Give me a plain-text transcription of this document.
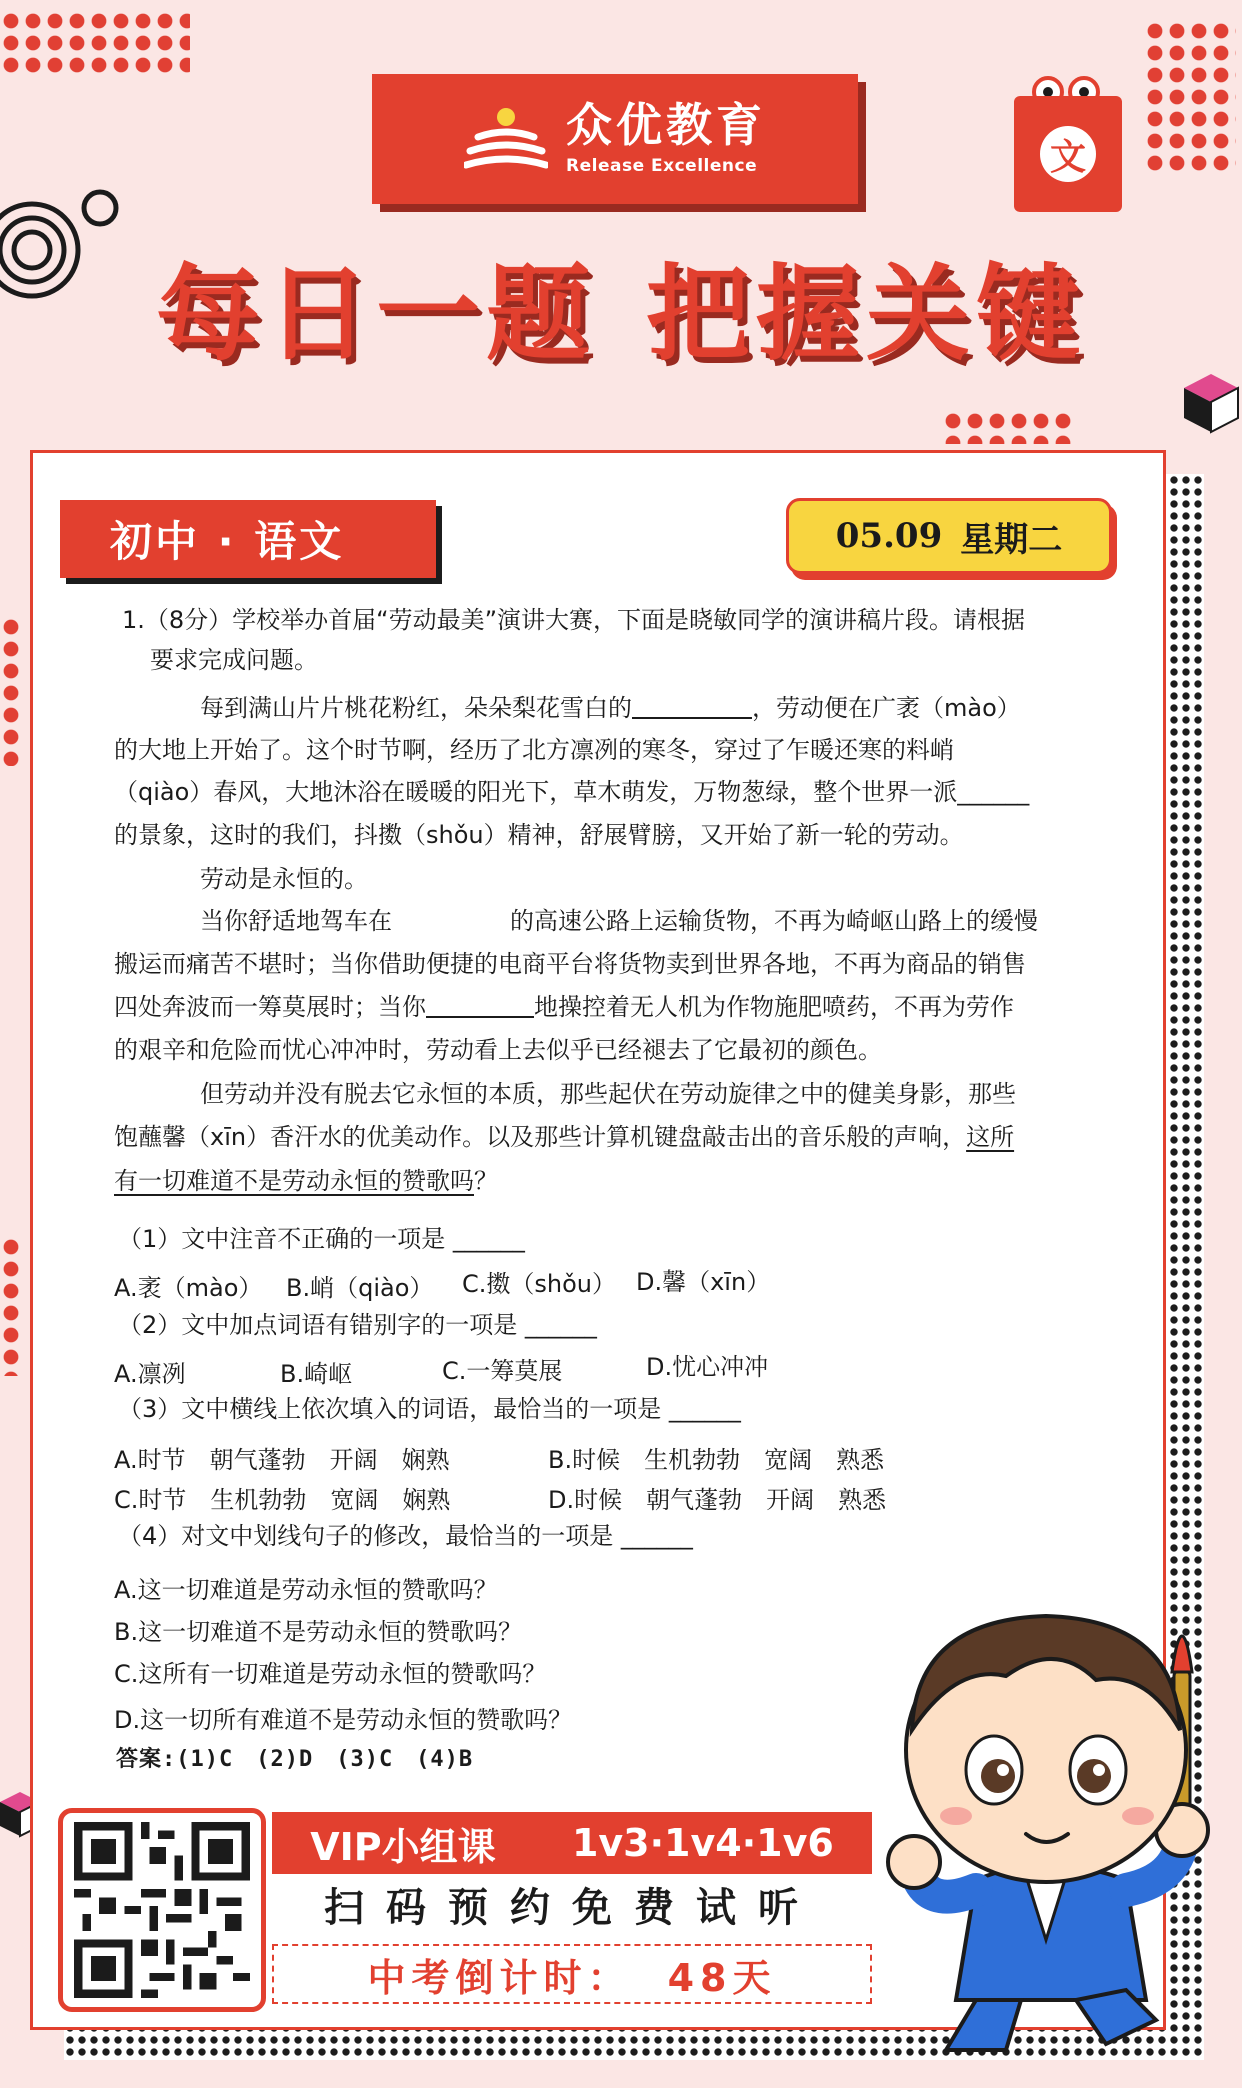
众优教育
Release Excellence	文
每日一题 把握关键
初中 · 语文	05.09 星期二
1.（8分）学校举办首届“劳动最美”演讲大赛，下面是晓敏同学的演讲稿片段。请根据
要求完成问题。
每到满山片片桃花粉红，朵朵梨花雪白的	，劳动便在广袤（mào）
的大地上开始了。这个时节啊，经历了北方凛冽的寒冬，穿过了乍暖还寒的料峭
（qiào）春风，大地沐浴在暖暖的阳光下，草木萌发，万物葱绿，整个世界一派______
的景象，这时的我们，抖擞（shǒu）精神，舒展臂膀，又开始了新一轮的劳动。
劳动是永恒的。
当你舒适地驾车在	的高速公路上运输货物，不再为崎岖山路上的缓慢
搬运而痛苦不堪时；当你借助便捷的电商平台将货物卖到世界各地，不再为商品的销售
四处奔波而一筹莫展时；当你	地操控着无人机为作物施肥喷药，不再为劳作
的艰辛和危险而忧心冲冲时，劳动看上去似乎已经褪去了它最初的颜色。
但劳动并没有脱去它永恒的本质，那些起伏在劳动旋律之中的健美身影，那些
饱蘸馨（xīn）香汗水的优美动作。以及那些计算机键盘敲击出的音乐般的声响，这所
有一切难道不是劳动永恒的赞歌吗？
（1）文中注音不正确的一项是 ______
A.袤（mào） B.峭（qiào） C.擞（shǒu） D.馨（xīn）
（2）文中加点词语有错别字的一项是 ______
A.凛冽	B.崎岖	C.一筹莫展	D.忧心冲冲
（3）文中横线上依次填入的词语，最恰当的一项是 ______
A.时节　朝气蓬勃　开阔　娴熟	B.时候　生机勃勃　宽阔　熟悉
C.时节　生机勃勃　宽阔　娴熟	D.时候　朝气蓬勃　开阔　熟悉
（4）对文中划线句子的修改，最恰当的一项是 ______
A.这一切难道是劳动永恒的赞歌吗？
B.这一切难道不是劳动永恒的赞歌吗？
C.这所有一切难道是劳动永恒的赞歌吗？
D.这一切所有难道不是劳动永恒的赞歌吗？
答案:(1)C　(2)D　(3)C　(4)B
VIP小组课 1v3·1v4·1v6
扫码预约免费试听
中考倒计时： 48天
